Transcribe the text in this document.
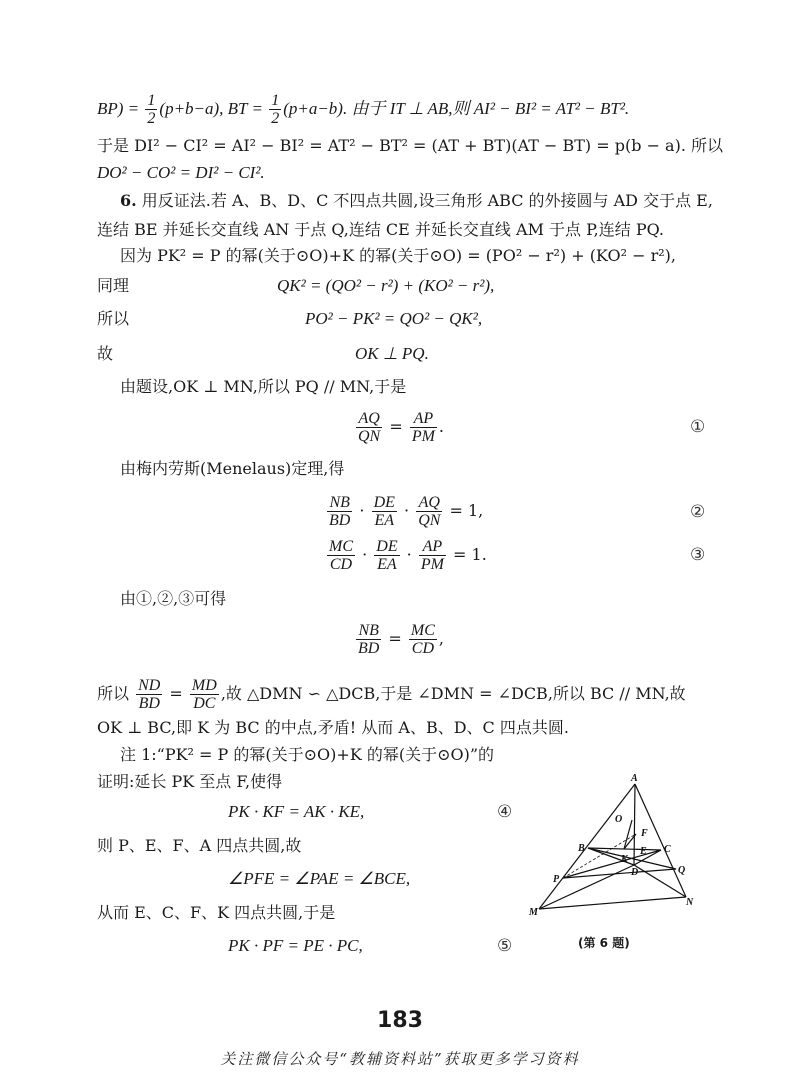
$BP) = \frac{1}{2} (p+b-a)$, BT = $\frac{1}{2} (p+a-b)$. 由于 IT ⊥ AB,则 AI² − BI² = AT² − BT².
于是 DI² − CI² = AI² − BI² = AT² − BT² = (AT + BT)(AT − BT) = p(b − a). 所以
DO² − CO² = DI² − CI².
6. 用反证法.若 A、B、D、C 不四点共圆,设三角形 ABC 的外接圆与 AD 交于点 E,
连结 BE 并延长交直线 AN 于点 Q,连结 CE 并延长交直线 AM 于点 P,连结 PQ.
因为 PK² = P 的幂(关于⊙O)+K 的幂(关于⊙O) = (PO² − r²) + (KO² − r²),
同理	QK² = (QO² − r²) + (KO² − r²),
所以	PO² − PK² = QO² − QK²,
故	OK ⊥ PQ.
由题设,OK ⊥ MN,所以 PQ // MN,于是
$\frac{AQ}{QN} = \frac{AP}{PM}$ .	①
由梅内劳斯(Menelaus)定理,得
$\frac{NB}{BD} \cdot \frac{DE}{EA} \cdot \frac{AQ}{QN} = 1$,	②
$\frac{MC}{CD} \cdot \frac{DE}{EA} \cdot \frac{AP}{PM} = 1$.	③
由①,②,③可得
$\frac{NB}{BD} = \frac{MC}{CD}$ ,
所以 $\frac{ND}{BD} = \frac{MD}{DC}$ ,故 △DMN ∽ △DCB,于是 ∠DMN = ∠DCB,所以 BC // MN,故
OK ⊥ BC,即 K 为 BC 的中点,矛盾! 从而 A、B、D、C 四点共圆.
注 1:“PK² = P 的幂(关于⊙O)+K 的幂(关于⊙O)”的
证明:延长 PK 至点 F,使得
PK · KF = AK · KE,	④
则 P、E、F、A 四点共圆,故
∠PFE = ∠PAE = ∠BCE,
从而 E、C、F、K 四点共圆,于是
PK · PF = PE · PC,	⑤
A
O
F
B	C
E
K
D	Q
P
N
M
(第 6 题)
183
关注微信公众号“教辅资料站”获取更多学习资料
